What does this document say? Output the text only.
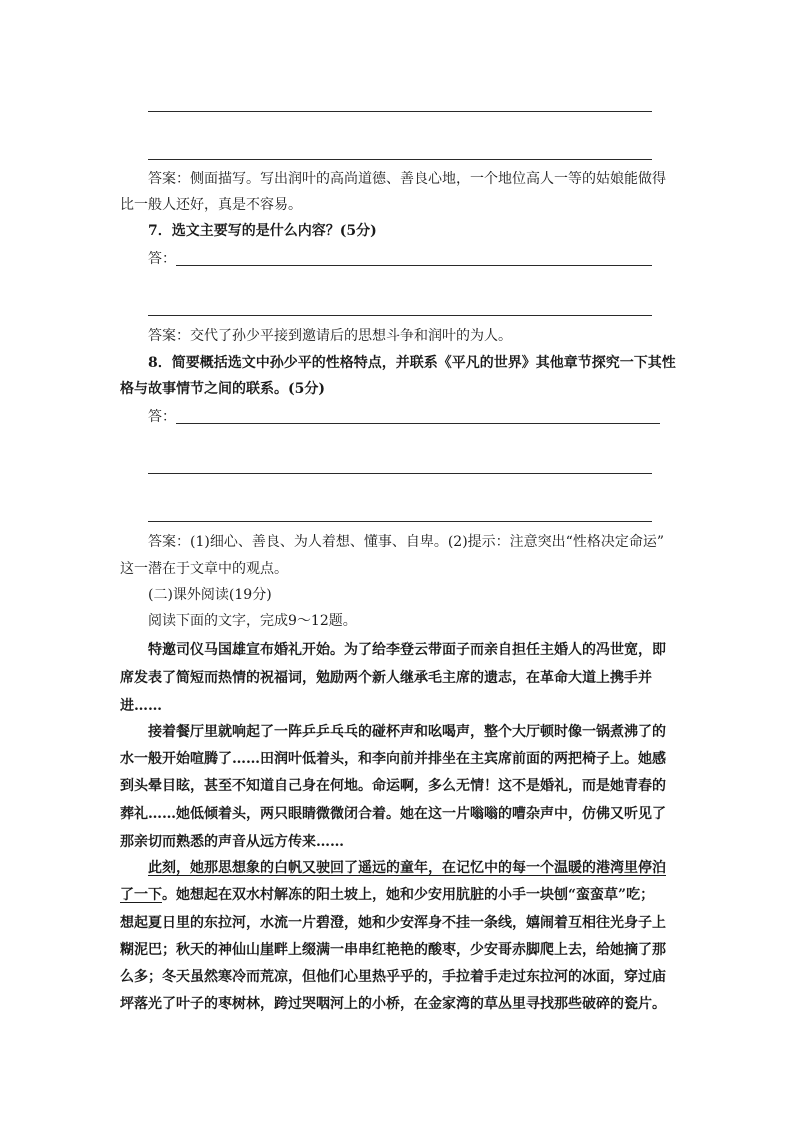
答案：侧面描写。写出润叶的高尚道德、善良心地，一个地位高人一等的姑娘能做得
比一般人还好，真是不容易。
7．选文主要写的是什么内容？(5分)
答：
答案：交代了孙少平接到邀请后的思想斗争和润叶的为人。
8．简要概括选文中孙少平的性格特点，并联系《平凡的世界》其他章节探究一下其性
格与故事情节之间的联系。(5分)
答：
答案：(1)细心、善良、为人着想、懂事、自卑。(2)提示：注意突出“性格决定命运”
这一潜在于文章中的观点。
(二)课外阅读(19分)
阅读下面的文字，完成9～12题。
特邀司仪马国雄宣布婚礼开始。为了给李登云带面子而亲自担任主婚人的冯世宽，即
席发表了简短而热情的祝福词，勉励两个新人继承毛主席的遗志，在革命大道上携手并
进……
接着餐厅里就响起了一阵乒乒乓乓的碰杯声和吆喝声，整个大厅顿时像一锅煮沸了的
水一般开始喧腾了……田润叶低着头，和李向前并排坐在主宾席前面的两把椅子上。她感
到头晕目眩，甚至不知道自己身在何地。命运啊，多么无情！这不是婚礼，而是她青春的
葬礼……她低倾着头，两只眼睛微微闭合着。她在这一片嗡嗡的嘈杂声中，仿佛又听见了
那亲切而熟悉的声音从远方传来……
此刻，她那思想象的白帆又驶回了遥远的童年，在记忆中的每一个温暖的港湾里停泊
了一下。她想起在双水村解冻的阳土坡上，她和少安用肮脏的小手一块刨“蛮蛮草”吃；
想起夏日里的东拉河，水流一片碧澄，她和少安浑身不挂一条线，嬉闹着互相往光身子上
糊泥巴；秋天的神仙山崖畔上缀满一串串红艳艳的酸枣，少安哥赤脚爬上去，给她摘了那
么多；冬天虽然寒冷而荒凉，但他们心里热乎乎的，手拉着手走过东拉河的冰面，穿过庙
坪落光了叶子的枣树林，跨过哭咽河上的小桥，在金家湾的草丛里寻找那些破碎的瓷片。
